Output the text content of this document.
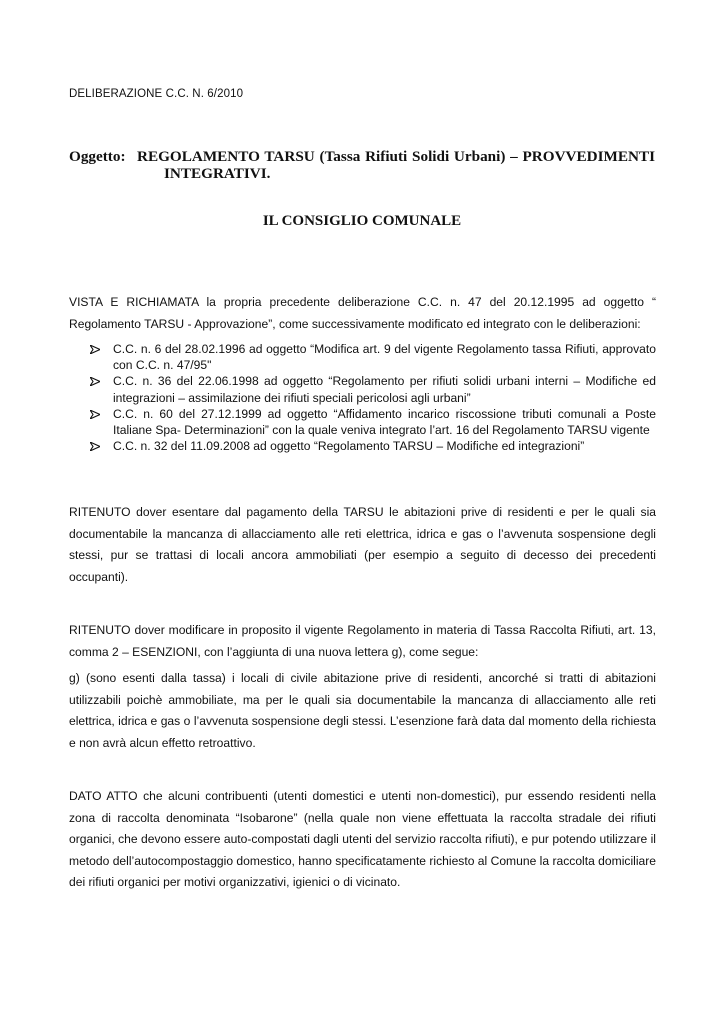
DELIBERAZIONE C.C. N. 6/2010
Oggetto: REGOLAMENTO TARSU (Tassa Rifiuti Solidi Urbani) – PROVVEDIMENTI
INTEGRATIVI.
IL CONSIGLIO COMUNALE
VISTA E RICHIAMATA la propria precedente deliberazione C.C. n. 47 del 20.12.1995 ad oggetto “ Regolamento TARSU - Approvazione”, come successivamente modificato ed integrato con le deliberazioni:
C.C. n. 6 del 28.02.1996 ad oggetto “Modifica art. 9 del vigente Regolamento tassa Rifiuti, approvato con C.C. n. 47/95"
C.C. n. 36 del 22.06.1998 ad oggetto “Regolamento per rifiuti solidi urbani interni – Modifiche ed integrazioni – assimilazione dei rifiuti speciali pericolosi agli urbani”
C.C. n. 60 del 27.12.1999 ad oggetto “Affidamento incarico riscossione tributi comunali a Poste Italiane Spa- Determinazioni” con la quale veniva integrato l’art. 16 del Regolamento TARSU vigente
C.C. n. 32 del 11.09.2008 ad oggetto “Regolamento TARSU – Modifiche ed integrazioni”
RITENUTO dover esentare dal pagamento della TARSU le abitazioni prive di residenti e per le quali sia documentabile la mancanza di allacciamento alle reti elettrica, idrica e gas o l’avvenuta sospensione degli stessi, pur se trattasi di locali ancora ammobiliati (per esempio a seguito di decesso dei precedenti occupanti).
RITENUTO dover modificare in proposito il vigente Regolamento in materia di Tassa Raccolta Rifiuti, art. 13, comma 2 – ESENZIONI, con l’aggiunta di una nuova lettera g), come segue:
g) (sono esenti dalla tassa) i locali di civile abitazione prive di residenti, ancorché si tratti di abitazioni utilizzabili poichè ammobiliate, ma per le quali sia documentabile la mancanza di allacciamento alle reti elettrica, idrica e gas o l’avvenuta sospensione degli stessi. L’esenzione farà data dal momento della richiesta e non avrà alcun effetto retroattivo.
DATO ATTO che alcuni contribuenti (utenti domestici e utenti non-domestici), pur essendo residenti nella zona di raccolta denominata “Isobarone” (nella quale non viene effettuata la raccolta stradale dei rifiuti organici, che devono essere auto-compostati dagli utenti del servizio raccolta rifiuti), e pur potendo utilizzare il metodo dell’autocompostaggio domestico, hanno specificatamente richiesto al Comune la raccolta domiciliare dei rifiuti organici per motivi organizzativi, igienici o di vicinato.
